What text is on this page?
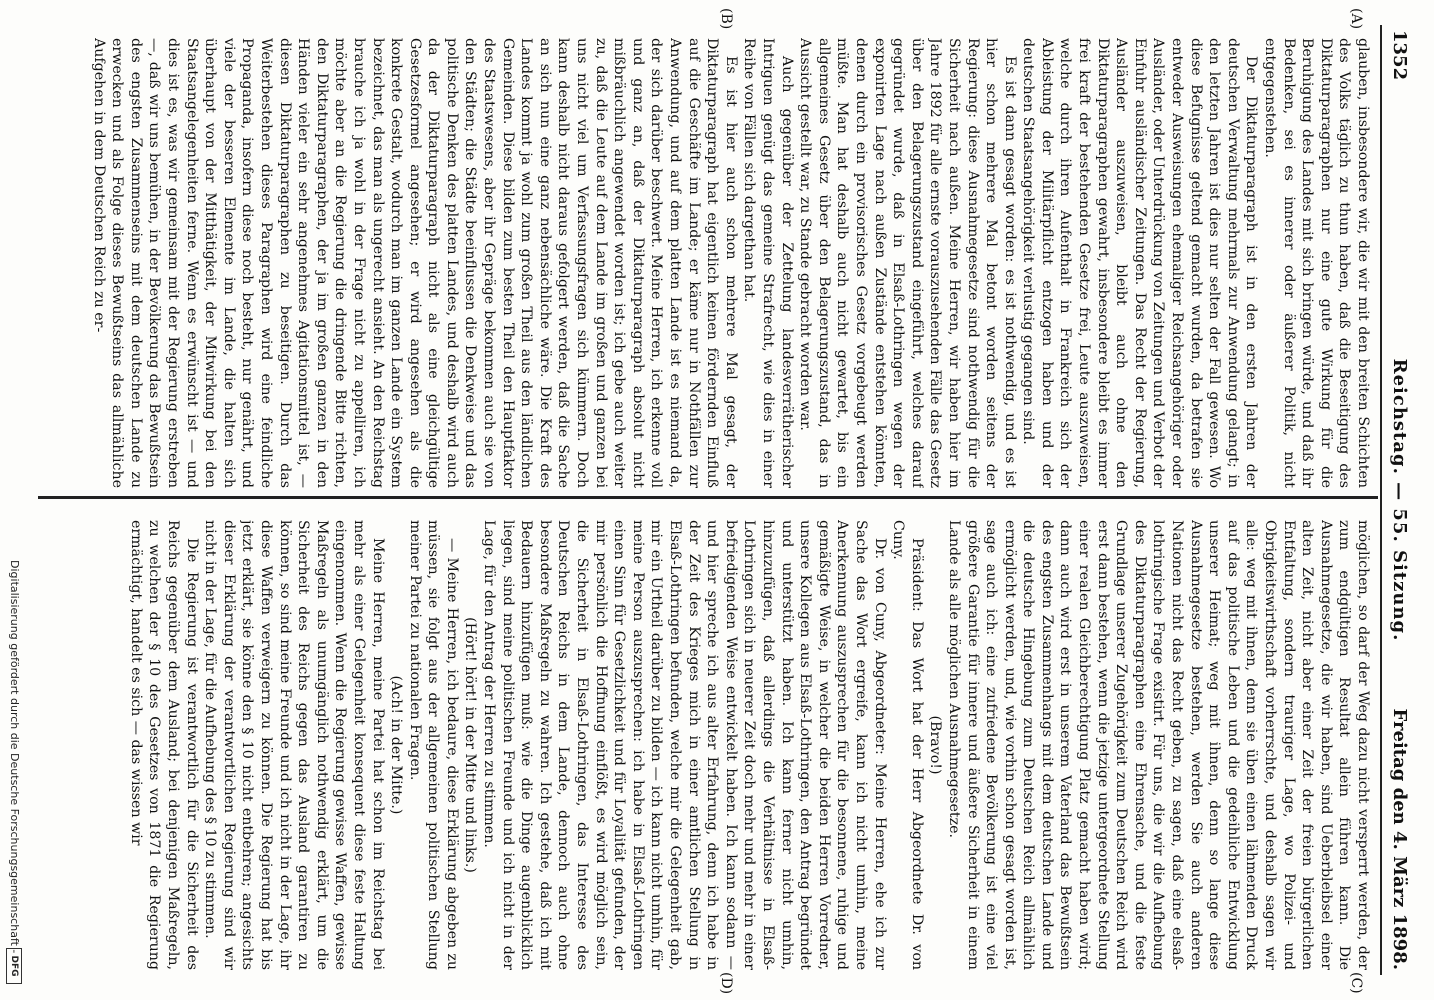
1352
Reichstag. — 55. Sitzung.
Freitag den 4. März 1898.
(A)
(B)
(C)
(D)

glauben, insbesondere wir, die wir mit den breiten Schichten des Volks täglich zu thun haben, daß die Beseitigung des Diktaturparagraphen nur eine gute Wirkung für die Beruhigung des Landes mit sich bringen würde, und daß ihr Bedenken, sei es innerer oder äußerer Politik, nicht entgegenstehen.

Der Diktaturparagraph ist in den ersten Jahren der deutschen Verwaltung mehrmals zur Anwendung gelangt; in den letzten Jahren ist dies nur selten der Fall gewesen. Wo diese Befugnisse geltend gemacht wurden, da betrafen sie entweder Ausweisungen ehemaliger Reichsangehöriger oder Ausländer, oder Unterdrückung von Zeitungen und Verbot der Einfuhr ausländischer Zeitungen. Das Recht der Regierung, Ausländer auszuweisen, bleibt auch ohne den Diktaturparagraphen gewahrt, insbesondere bleibt es immer frei kraft der bestehenden Gesetze frei, Leute auszuweisen, welche durch ihren Aufenthalt in Frankreich sich der Ableistung der Militärpflicht entzogen haben und der deutschen Staatsangehörigkeit verlustig gegangen sind.

Es ist dann gesagt worden: es ist nothwendig, und es ist hier schon mehrere Mal betont worden seitens der Regierung: diese Ausnahmegesetze sind nothwendig für die Sicherheit nach außen. Meine Herren, wir haben hier im Jahre 1892 für alle ernste vorauszusehenden Fälle das Gesetz über den Belagerungszustand eingeführt, welches darauf gegründet wurde, daß in Elsaß-Lothringen wegen der exponirten Lage nach außen Zustände entstehen könnten, denen durch ein provisorisches Gesetz vorgebeugt werden müßte. Man hat deshalb auch nicht gewartet, bis ein allgemeines Gesetz über den Belagerungszustand, das in Aussicht gestellt war, zu Stande gebracht worden war.

Auch gegenüber der Zettelung landesverrätherischer Intriguen genügt das gemeine Strafrecht, wie dies in einer Reihe von Fällen sich dargethan hat.

Es ist hier auch schon mehrere Mal gesagt, der Diktaturparagraph hat eigentlich keinen fördernden Einfluß auf die Geschäfte im Lande; er käme nur in Nothfällen zur Anwendung, und auf dem platten Lande ist es niemand da, der sich darüber beschwert. Meine Herren, ich erkenne voll und ganz an, daß der Diktaturparagraph absolut nicht mißbräuchlich angewendet worden ist; ich gebe auch weiter zu, daß die Leute auf dem Lande im großen und ganzen bei uns nicht viel um Verfassungsfragen sich kümmern. Doch kann deshalb nicht daraus gefolgert werden, daß die Sache an sich nun eine ganz nebensächliche wäre. Die Kraft des Landes kommt ja wohl zum großen Theil aus den ländlichen Gemeinden. Diese bilden zum besten Theil den Hauptfaktor des Staatswesens, aber ihr Gepräge bekommen auch sie von den Städten; die Städte beeinflussen die Denkweise und das politische Denken des platten Landes, und deshalb wird auch da der Diktaturparagraph nicht als eine gleichgültige Gesetzesformel angesehen; er wird angesehen als die konkrete Gestalt, wodurch man im ganzen Lande ein System bezeichnet, das man als ungerecht ansieht. An den Reichstag brauche ich ja wohl in der Frage nicht zu appelliren, ich möchte aber an die Regierung die dringende Bitte richten, den Diktaturparagraphen, der ja im großen ganzen in den Händen vieler ein sehr angenehmes Agitationsmittel ist, — diesen Diktaturparagraphen zu beseitigen. Durch das Weiterbestehen dieses Paragraphen wird eine feindliche Propaganda, insofern diese noch besteht, nur genährt, und viele der besseren Elemente im Lande, die halten sich überhaupt von der Mitthätigkeit, der Mitwirkung bei den Staatsangelegenheiten ferne. Wenn es erwünscht ist — und dies ist es, was wir gemeinsam mit der Regierung erstreben —, daß wir uns bemühen, in der Bevölkerung das Bewußtsein des engsten Zusammenseins mit dem deutschen Lande zu erwecken und als Folge dieses Bewußtseins das allmähliche Aufgehen in dem Deutschen Reich zu er-

möglichen, so darf der Weg dazu nicht versperrt werden, der zum endgültigen Resultat allein führen kann. Die Ausnahmegesetze, die wir haben, sind Ueberbleibsel einer alten Zeit, nicht aber einer Zeit der freien bürgerlichen Entfaltung, sondern trauriger Lage, wo Polizei- und Obrigkeitswirthschaft vorherrschte, und deshalb sagen wir alle: weg mit ihnen, denn sie üben einen lähmenden Druck auf das politische Leben und die gedeihliche Entwicklung unserer Heimat; weg mit ihnen, denn so lange diese Ausnahmegesetze bestehen, werden Sie auch anderen Nationen nicht das Recht geben, zu sagen, daß eine elsaß-lothringische Frage existirt. Für uns, die wir die Aufhebung des Diktaturparagraphen eine Ehrensache, und die feste Grundlage unserer Zugehörigkeit zum Deutschen Reich wird erst dann bestehen, wenn die jetzige untergeordnete Stellung einer realen Gleichberechtigung Platz gemacht haben wird; dann auch wird erst in unserem Vaterland das Bewußtsein des engsten Zusammenhangs mit dem deutschen Lande und die deutsche Hingebung zum Deutschen Reich allmählich ermöglicht werden, und, wie vorhin schon gesagt worden ist, sage auch ich: eine zufriedene Bevölkerung ist eine viel größere Garantie für innere und äußere Sicherheit in einem Lande als alle möglichen Ausnahmegesetze.

(Bravo!)

Präsident: Das Wort hat der Herr Abgeordnete Dr. von Cuny.

Dr. von Cuny, Abgeordneter: Meine Herren, ehe ich zur Sache das Wort ergreife, kann ich nicht umhin, meine Anerkennung auszusprechen für die besonnene, ruhige und gemäßigte Weise, in welcher die beiden Herren Vorredner, unsere Kollegen aus Elsaß-Lothringen, den Antrag begründet und unterstützt haben. Ich kann ferner nicht umhin, hinzuzufügen, daß allerdings die Verhältnisse in Elsaß-Lothringen sich in neuerer Zeit doch mehr und mehr in einer befriedigenden Weise entwickelt haben. Ich kann sodann — und hier spreche ich aus alter Erfahrung, denn ich habe in der Zeit des Krieges mich in einer amtlichen Stellung in Elsaß-Lothringen befunden, welche mir die Gelegenheit gab, mir ein Urtheil darüber zu bilden — ich kann nicht umhin, für meine Person auszusprechen: ich habe in Elsaß-Lothringen einen Sinn für Gesetzlichkeit und für Loyalität gefunden, der mir persönlich die Hoffnung einflößt, es wird möglich sein, die Sicherheit in Elsaß-Lothringen, das Interesse des Deutschen Reichs in dem Lande, dennoch auch ohne besondere Maßregeln zu wahren. Ich gestehe, daß ich mit Bedauern hinzufügen muß: wie die Dinge augenblicklich liegen, sind meine politischen Freunde und ich nicht in der Lage, für den Antrag der Herren zu stimmen.

(Hört! hört! in der Mitte und links.)

— Meine Herren, ich bedaure, diese Erklärung abgeben zu müssen, sie folgt aus der allgemeinen politischen Stellung meiner Partei zu nationalen Fragen.

(Ach! in der Mitte.)

Meine Herren, meine Partei hat schon im Reichstag bei mehr als einer Gelegenheit konsequent diese feste Haltung eingenommen. Wenn die Regierung gewisse Waffen, gewisse Maßregeln als unumgänglich nothwendig erklärt, um die Sicherheit des Reichs gegen das Ausland garantiren zu können, so sind meine Freunde und ich nicht in der Lage, ihr diese Waffen verweigern zu können. Die Regierung hat bis jetzt erklärt, sie könne den § 10 nicht entbehren; angesichts dieser Erklärung der verantwortlichen Regierung sind wir nicht in der Lage, für die Aufhebung des § 10 zu stimmen.

Die Regierung ist verantwortlich für die Sicherheit des Reichs gegenüber dem Ausland; bei denjenigen Maßregeln, zu welchen der § 10 des Gesetzes von 1871 die Regierung ermächtigt, handelt es sich — das wissen wir

Digitalisierung gefördert durch die Deutsche Forschungsgemeinschaft -
DFG
